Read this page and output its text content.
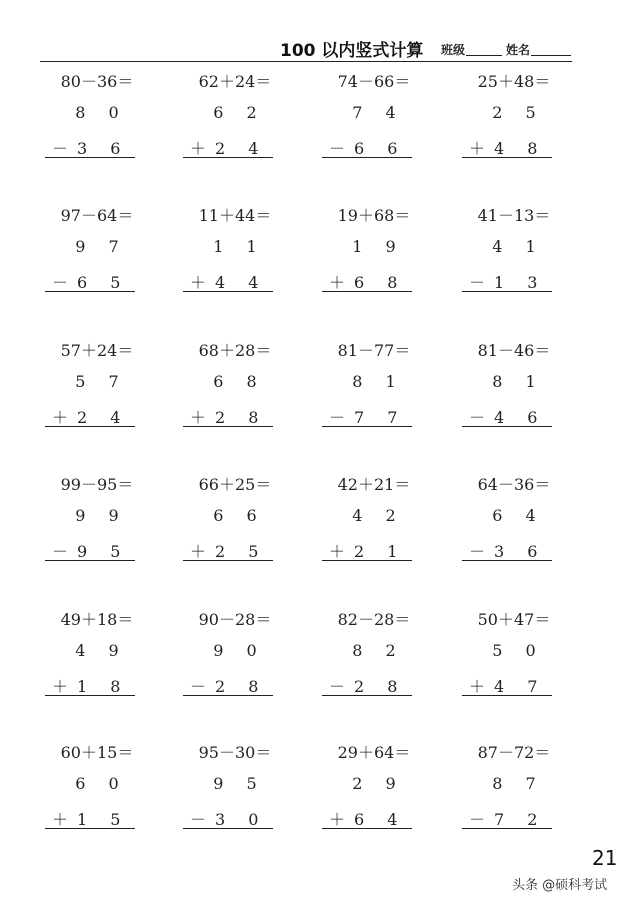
100 以内竖式计算 班级	姓名
80－36＝
8 0
－ 3 6
62＋24＝
6 2
＋ 2 4
74－66＝
7 4
－ 6 6
25＋48＝
2 5
＋ 4 8
97－64＝
9 7
－ 6 5
11＋44＝
1 1
＋ 4 4
19＋68＝
1 9
＋ 6 8
41－13＝
4 1
－ 1 3
57＋24＝
5 7
＋ 2 4
68＋28＝
6 8
＋ 2 8
81－77＝
8 1
－ 7 7
81－46＝
8 1
－ 4 6
99－95＝
9 9
－ 9 5
66＋25＝
6 6
＋ 2 5
42＋21＝
4 2
＋ 2 1
64－36＝
6 4
－ 3 6
49＋18＝
4 9
＋ 1 8
90－28＝
9 0
－ 2 8
82－28＝
8 2
－ 2 8
50＋47＝
5 0
＋ 4 7
60＋15＝
6 0
＋ 1 5
95－30＝
9 5
－ 3 0
29＋64＝
2 9
＋ 6 4
87－72＝
8 7
－ 7 2
21
头条 @硕科考试
